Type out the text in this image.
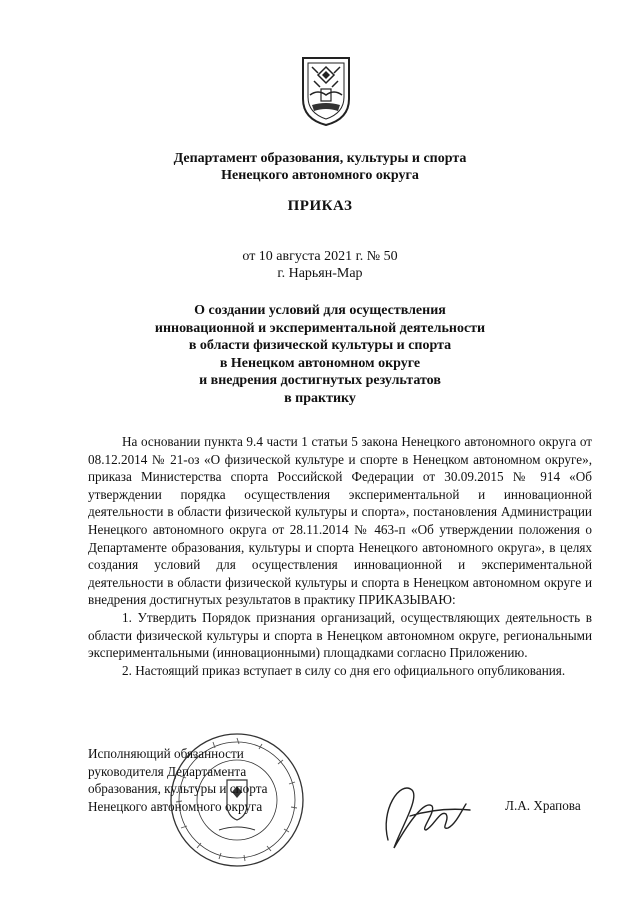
Департамент образования, культуры и спорта
Ненецкого автономного округа
ПРИКАЗ
от 10 августа 2021 г. № 50
г. Нарьян-Мар
О создании условий для осуществления
инновационной и экспериментальной деятельности
в области физической культуры и спорта
в Ненецком автономном округе
и внедрения достигнутых результатов
в практику

На основании пункта 9.4 части 1 статьи 5 закона Ненецкого автономного округа от 08.12.2014 № 21-оз «О физической культуре и спорте в Ненецком автономном округе», приказа Министерства спорта Российской Федерации от 30.09.2015 № 914 «Об утверждении порядка осуществления экспериментальной и инновационной деятельности в области физической культуры и спорта», постановления Администрации Ненецкого автономного округа от 28.11.2014 № 463-п «Об утверждении положения о Департаменте образования, культуры и спорта Ненецкого автономного округа», в целях создания условий для осуществления инновационной и экспериментальной деятельности в области физической культуры и спорта в Ненецком автономном округе и внедрения достигнутых результатов в практику ПРИКАЗЫВАЮ:

1. Утвердить Порядок признания организаций, осуществляющих деятельность в области физической культуры и спорта в Ненецком автономном округе, региональными экспериментальными (инновационными) площадками согласно Приложению.

2. Настоящий приказ вступает в силу со дня его официального опубликования.

Исполняющий обязанности
руководителя Департамента
образования, культуры и спорта
Ненецкого автономного округа	Л.А. Храпова
